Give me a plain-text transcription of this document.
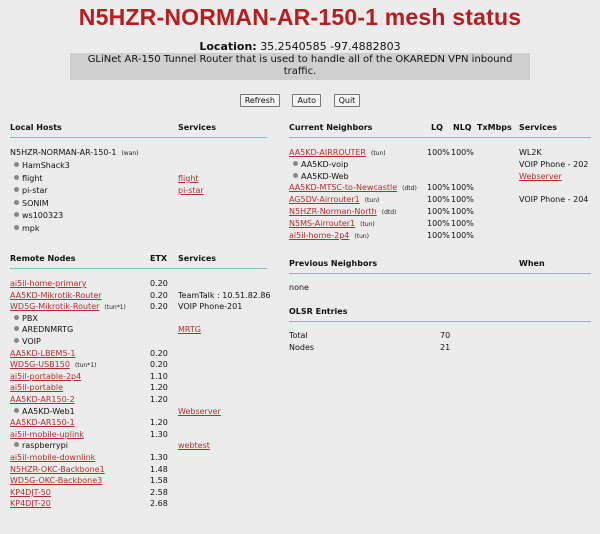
N5HZR-NORMAN-AR-150-1 mesh status
Location: 35.2540585 -97.4882803
GLiNet AR-150 Tunnel Router that is used to handle all of the OKAREDN VPN inbound traffic.
Refresh	Auto	Quit
Local Hosts	Services
Remote Nodes	ETX Services
Current Neighbors	LQ NLQ TxMbps Services
Previous Neighbors	When
none
OLSR Entries
Total	70
Nodes	21
N5HZR-NORMAN-AR-150-1 (wan)
HamShack3
flight	flight
pi-star	pi-star
SONIM
ws100323
mpk
ai5il-home-primary	0.20
AA5KD-Mikrotik-Router	0.20 TeamTalk : 10.51.82.86
WD5G-Mikrotik-Router (tun*1)	0.20 VOIP Phone-201
PBX
AREDNMRTG	MRTG
VOIP
AA5KD-LBEM5-1	0.20
WD5G-USB150 (tun*1)	0.20
ai5il-portable-2p4	1.10
ai5il-portable	1.20
AA5KD-AR150-2	1.20
AA5KD-Web1	Webserver
AA5KD-AR150-1	1.20
ai5il-mobile-uplink	1.30
raspberrypi	webtest
ai5il-mobile-downlink	1.30
N5HZR-OKC-Backbone1	1.48
WD5G-OKC-Backbone3	1.58
KP4DJT-50	2.58
KP4DJT-20	2.68
AA5KD-AIRROUTER (tun)	100% 100%	WL2K
AA5KD-voip	VOIP Phone - 202
AA5KD-Web	Webserver
AA5KD-MTSC-to-Newcastle (dtd) 100% 100%
AG5DV-Airrouter1 (tun)	100% 100%	VOIP Phone - 204
N5HZR-Norman-North (dtd)	100% 100%
N5MS-Airrouter1 (tun)	100% 100%
ai5il-home-2p4 (tun)	100% 100%
